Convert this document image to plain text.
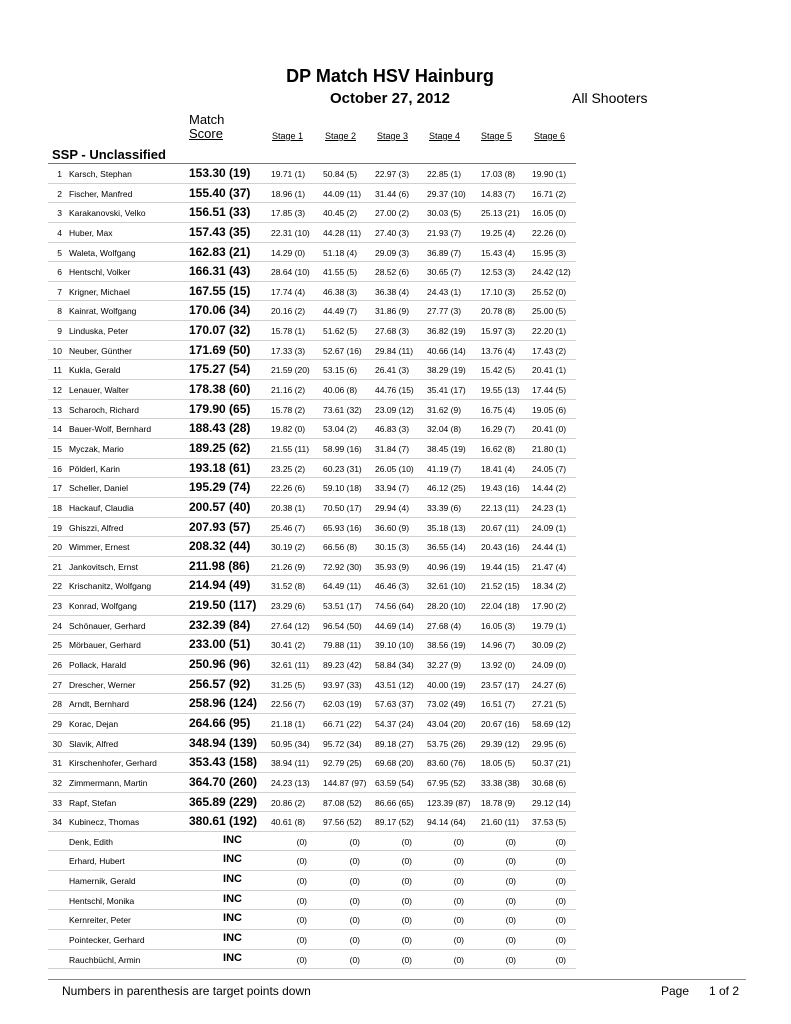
DP Match HSV Hainburg
October 27, 2012	All Shooters
Match
Score	Stage 1 Stage 2 Stage 3 Stage 4 Stage 5 Stage 6
SSP - Unclassified
1 Karsch, Stephan	153.30 (19) 19.71 (1) 50.84 (5) 22.97 (3) 22.85 (1) 17.03 (8) 19.90 (1)
2 Fischer, Manfred	155.40 (37) 18.96 (1) 44.09 (11) 31.44 (6) 29.37 (10) 14.83 (7) 16.71 (2)
3 Karakanovski, Velko	156.51 (33) 17.85 (3) 40.45 (2) 27.00 (2) 30.03 (5) 25.13 (21) 16.05 (0)
4 Huber, Max	157.43 (35) 22.31 (10) 44.28 (11) 27.40 (3) 21.93 (7) 19.25 (4) 22.26 (0)
5 Waleta, Wolfgang	162.83 (21) 14.29 (0) 51.18 (4) 29.09 (3) 36.89 (7) 15.43 (4) 15.95 (3)
6 Hentschl, Volker	166.31 (43) 28.64 (10) 41.55 (5) 28.52 (6) 30.65 (7) 12.53 (3) 24.42 (12)
7 Krigner, Michael	167.55 (15) 17.74 (4) 46.38 (3) 36.38 (4) 24.43 (1) 17.10 (3) 25.52 (0)
8 Kainrat, Wolfgang	170.06 (34) 20.16 (2) 44.49 (7) 31.86 (9) 27.77 (3) 20.78 (8) 25.00 (5)
9 Linduska, Peter	170.07 (32) 15.78 (1) 51.62 (5) 27.68 (3) 36.82 (19) 15.97 (3) 22.20 (1)
10 Neuber, Günther	171.69 (50) 17.33 (3) 52.67 (16) 29.84 (11) 40.66 (14) 13.76 (4) 17.43 (2)
11 Kukla, Gerald	175.27 (54) 21.59 (20) 53.15 (6) 26.41 (3) 38.29 (19) 15.42 (5) 20.41 (1)
12 Lenauer, Walter	178.38 (60) 21.16 (2) 40.06 (8) 44.76 (15) 35.41 (17) 19.55 (13) 17.44 (5)
13 Scharoch, Richard	179.90 (65) 15.78 (2) 73.61 (32) 23.09 (12) 31.62 (9) 16.75 (4) 19.05 (6)
14 Bauer-Wolf, Bernhard	188.43 (28) 19.82 (0) 53.04 (2) 46.83 (3) 32.04 (8) 16.29 (7) 20.41 (0)
15 Myczak, Mario	189.25 (62) 21.55 (11) 58.99 (16) 31.84 (7) 38.45 (19) 16.62 (8) 21.80 (1)
16 Pölderl, Karin	193.18 (61) 23.25 (2) 60.23 (31) 26.05 (10) 41.19 (7) 18.41 (4) 24.05 (7)
17 Scheller, Daniel	195.29 (74) 22.26 (6) 59.10 (18) 33.94 (7) 46.12 (25) 19.43 (16) 14.44 (2)
18 Hackauf, Claudia	200.57 (40) 20.38 (1) 70.50 (17) 29.94 (4) 33.39 (6) 22.13 (11) 24.23 (1)
19 Ghiszzi, Alfred	207.93 (57) 25.46 (7) 65.93 (16) 36.60 (9) 35.18 (13) 20.67 (11) 24.09 (1)
20 Wimmer, Ernest	208.32 (44) 30.19 (2) 66.56 (8) 30.15 (3) 36.55 (14) 20.43 (16) 24.44 (1)
21 Jankovitsch, Ernst	211.98 (86)	21.26 (9) 72.92 (30) 35.93 (9) 40.96 (19) 19.44 (15) 21.47 (4)
22 Krischanitz, Wolfgang	214.94 (49) 31.52 (8) 64.49 (11) 46.46 (3) 32.61 (10) 21.52 (15) 18.34 (2)
23 Konrad, Wolfgang	219.50 (117) 23.29 (6) 53.51 (17) 74.56 (64) 28.20 (10) 22.04 (18) 17.90 (2)
24 Schönauer, Gerhard	232.39 (84) 27.64 (12) 96.54 (50) 44.69 (14) 27.68 (4) 16.05 (3) 19.79 (1)
25 Mörbauer, Gerhard	233.00 (51) 30.41 (2) 79.88 (11) 39.10 (10) 38.56 (19) 14.96 (7) 30.09 (2)
26 Pollack, Harald	250.96 (96) 32.61 (11) 89.23 (42) 58.84 (34) 32.27 (9) 13.92 (0) 24.09 (0)
27 Drescher, Werner	256.57 (92) 31.25 (5) 93.97 (33) 43.51 (12) 40.00 (19) 23.57 (17) 24.27 (6)
28 Arndt, Bernhard	258.96 (124) 22.56 (7) 62.03 (19) 57.63 (37) 73.02 (49) 16.51 (7) 27.21 (5)
29 Korac, Dejan	264.66 (95) 21.18 (1) 66.71 (22) 54.37 (24) 43.04 (20) 20.67 (16) 58.69 (12)
30 Slavik, Alfred	348.94 (139) 50.95 (34) 95.72 (34) 89.18 (27) 53.75 (26) 29.39 (12) 29.95 (6)
31 Kirschenhofer, Gerhard	353.43 (158) 38.94 (11) 92.79 (25) 69.68 (20) 83.60 (76) 18.05 (5) 50.37 (21)
32 Zimmermann, Martin	364.70 (260) 24.23 (13) 144.87 (97) 63.59 (54) 67.95 (52) 33.38 (38) 30.68 (6)
33 Rapf, Stefan	365.89 (229) 20.86 (2) 87.08 (52) 86.66 (65) 123.39 (87) 18.78 (9) 29.12 (14)
34 Kubinecz, Thomas	380.61 (192) 40.61 (8) 97.56 (52) 89.17 (52) 94.14 (64) 21.60 (11) 37.53 (5)
Denk, Edith	INC	(0)	(0)	(0)	(0)	(0)	(0)
Erhard, Hubert	INC	(0)	(0)	(0)	(0)	(0)	(0)
Hamernik, Gerald	INC	(0)	(0)	(0)	(0)	(0)	(0)
Hentschl, Monika	INC	(0)	(0)	(0)	(0)	(0)	(0)
Kernreiter, Peter	INC	(0)	(0)	(0)	(0)	(0)	(0)
Pointecker, Gerhard	INC	(0)	(0)	(0)	(0)	(0)	(0)
Rauchbüchl, Armin	INC	(0)	(0)	(0)	(0)	(0)	(0)
Numbers in parenthesis are target points down	Page 1 of 2
